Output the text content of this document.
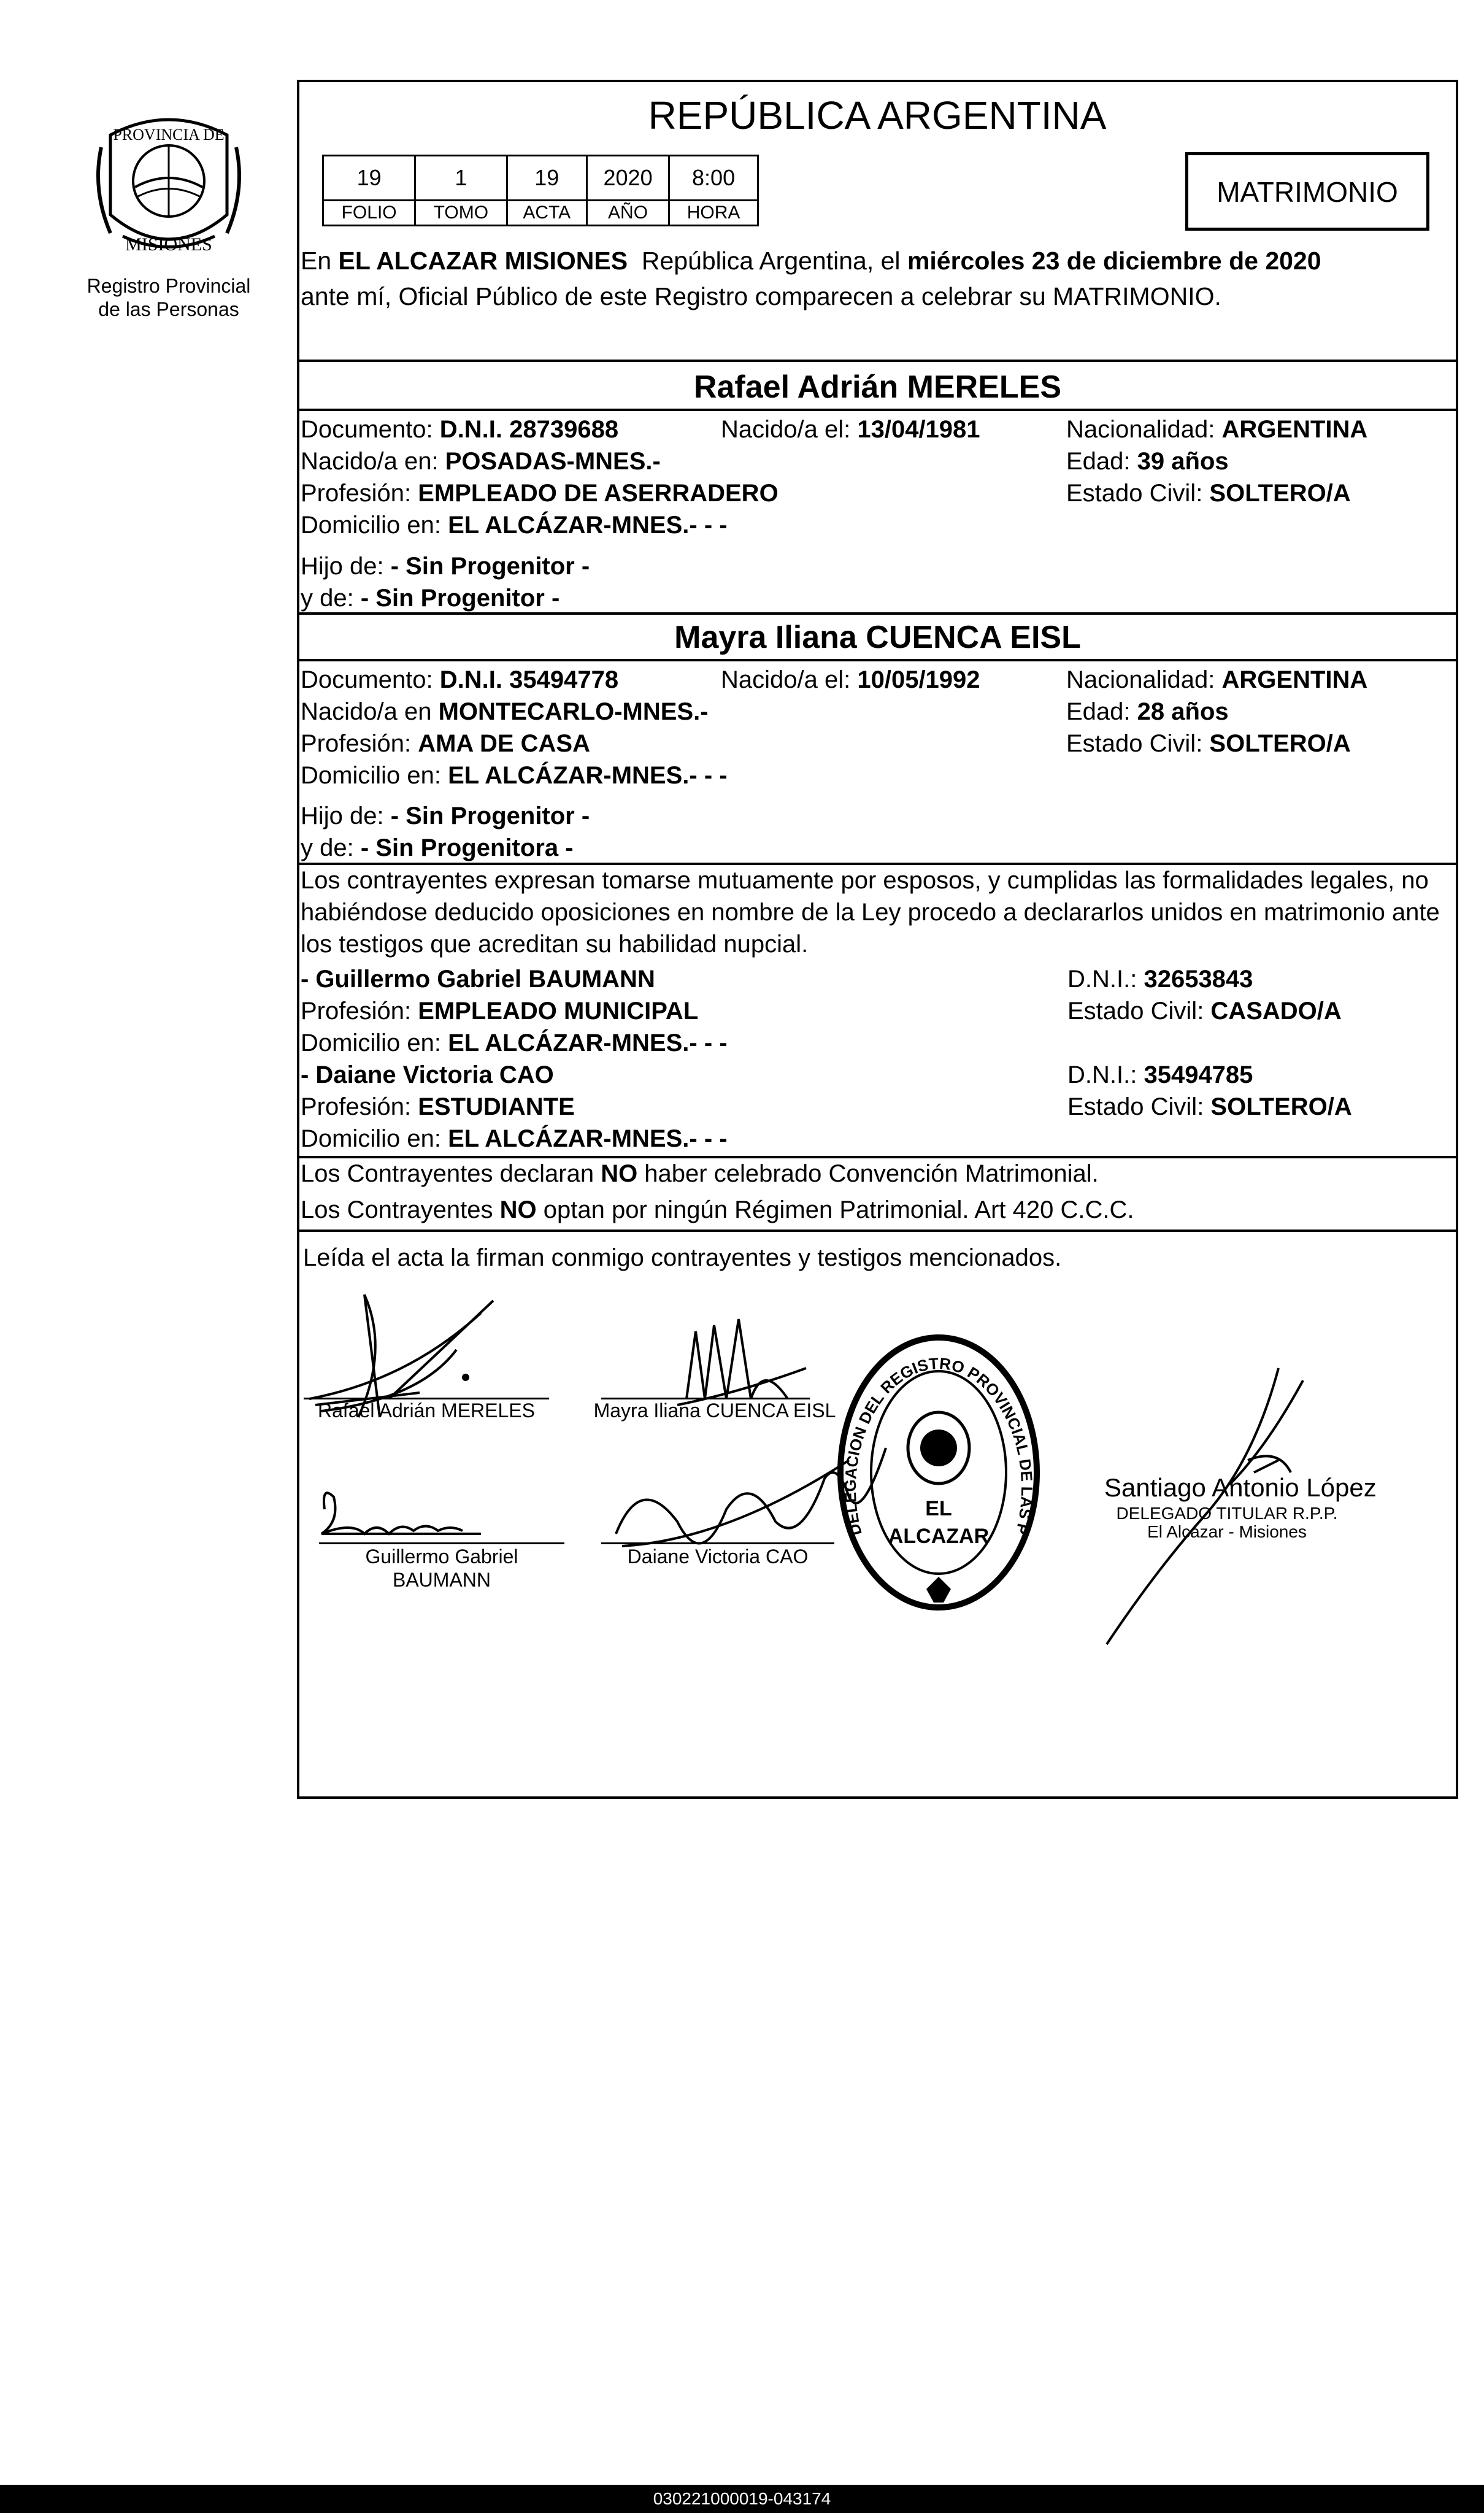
PROVINCIA DE
MISIONES
Registro Provincial
de las Personas
REPÚBLICA ARGENTINA
19	1	19	2020	8:00
FOLIO	TOMO	ACTA	AÑO	HORA
MATRIMONIO
En EL ALCAZAR MISIONES  República Argentina, el miércoles 23 de diciembre de 2020
ante mí, Oficial Público de este Registro comparecen a celebrar su MATRIMONIO.
Rafael Adrián MERELES
Documento: D.N.I. 28739688	Nacido/a el: 13/04/1981	Nacionalidad: ARGENTINA
Nacido/a en: POSADAS-MNES.-	Edad: 39 años
Profesión: EMPLEADO DE ASERRADERO	Estado Civil: SOLTERO/A
Domicilio en: EL ALCÁZAR-MNES.- - -
Hijo de: - Sin Progenitor -
y de: - Sin Progenitor -
Mayra Iliana CUENCA EISL
Documento: D.N.I. 35494778	Nacido/a el: 10/05/1992	Nacionalidad: ARGENTINA
Nacido/a en MONTECARLO-MNES.-	Edad: 28 años
Profesión: AMA DE CASA	Estado Civil: SOLTERO/A
Domicilio en: EL ALCÁZAR-MNES.- - -
Hijo de: - Sin Progenitor -
y de: - Sin Progenitora -
Los contrayentes expresan tomarse mutuamente por esposos, y cumplidas las formalidades legales, no
habiéndose deducido oposiciones en nombre de la Ley procedo a declararlos unidos en matrimonio ante
los testigos que acreditan su habilidad nupcial.
- Guillermo Gabriel BAUMANN	D.N.I.: 32653843
Profesión: EMPLEADO MUNICIPAL	Estado Civil: CASADO/A
Domicilio en: EL ALCÁZAR-MNES.- - -
- Daiane Victoria CAO	D.N.I.: 35494785
Profesión: ESTUDIANTE	Estado Civil: SOLTERO/A
Domicilio en: EL ALCÁZAR-MNES.- - -
Los Contrayentes declaran NO haber celebrado Convención Matrimonial.
Los Contrayentes NO optan por ningún Régimen Patrimonial. Art 420 C.C.C.
Leída el acta la firman conmigo contrayentes y testigos mencionados.
EL
ALCAZAR
DELEGACION DEL REGISTRO PROVINCIAL DE LAS P
Rafael Adrián MERELES	Mayra Iliana CUENCA EISL
Guillermo Gabriel
BAUMANN
Daiane Victoria CAO
Santiago Antonio López
DELEGADO TITULAR R.P.P.
El Alcazar - Misiones
030221000019-043174
